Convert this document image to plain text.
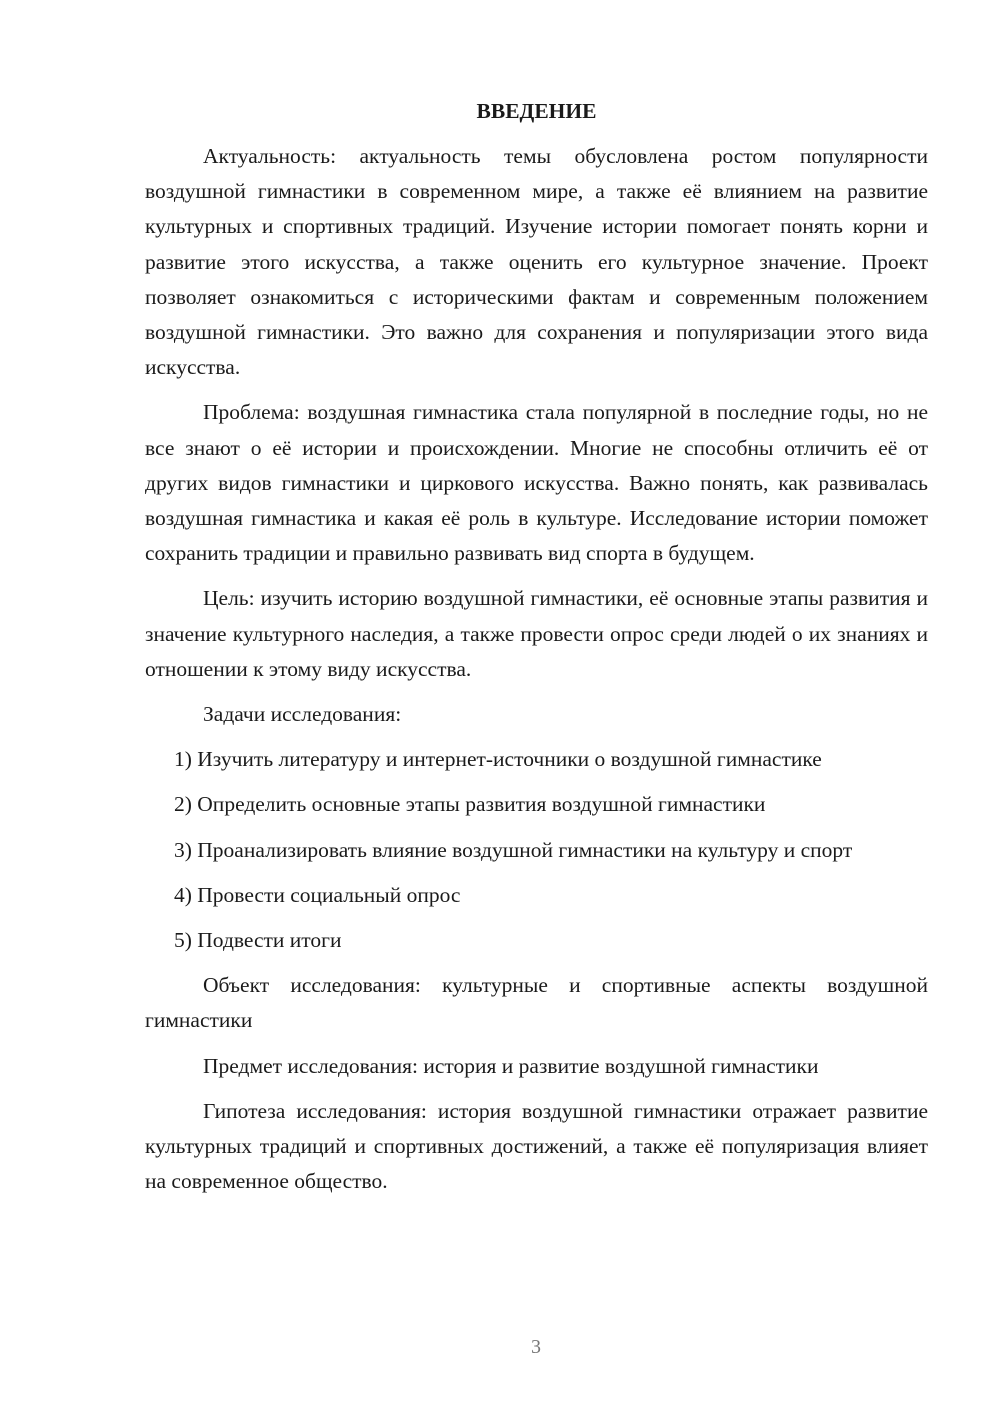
ВВЕДЕНИЕ

Актуальность: актуальность темы обусловлена ростом популярности воздушной гимнастики в современном мире, а также её влиянием на развитие культурных и спортивных традиций. Изучение истории помогает понять корни и развитие этого искусства, а также оценить его культурное значение. Проект позволяет ознакомиться с историческими фактам и современным положением воздушной гимнастики. Это важно для сохранения и популяризации этого вида искусства.

Проблема: воздушная гимнастика стала популярной в последние годы, но не все знают о её истории и происхождении. Многие не способны отличить её от других видов гимнастики и циркового искусства. Важно понять, как развивалась воздушная гимнастика и какая её роль в культуре. Исследование истории поможет сохранить традиции и правильно развивать вид спорта в будущем.

Цель: изучить историю воздушной гимнастики, её основные этапы развития и значение культурного наследия, а также провести опрос среди людей о их знаниях и отношении к этому виду искусства.

Задачи исследования:

1) Изучить литературу и интернет-источники о воздушной гимнастике

2) Определить основные этапы развития воздушной гимнастики

3) Проанализировать влияние воздушной гимнастики на культуру и спорт

4) Провести социальный опрос

5) Подвести итоги

Объект исследования: культурные и спортивные аспекты воздушной гимнастики

Предмет исследования: история и развитие воздушной гимнастики

Гипотеза исследования: история воздушной гимнастики отражает развитие культурных традиций и спортивных достижений, а также её популяризация влияет на современное общество.

3
